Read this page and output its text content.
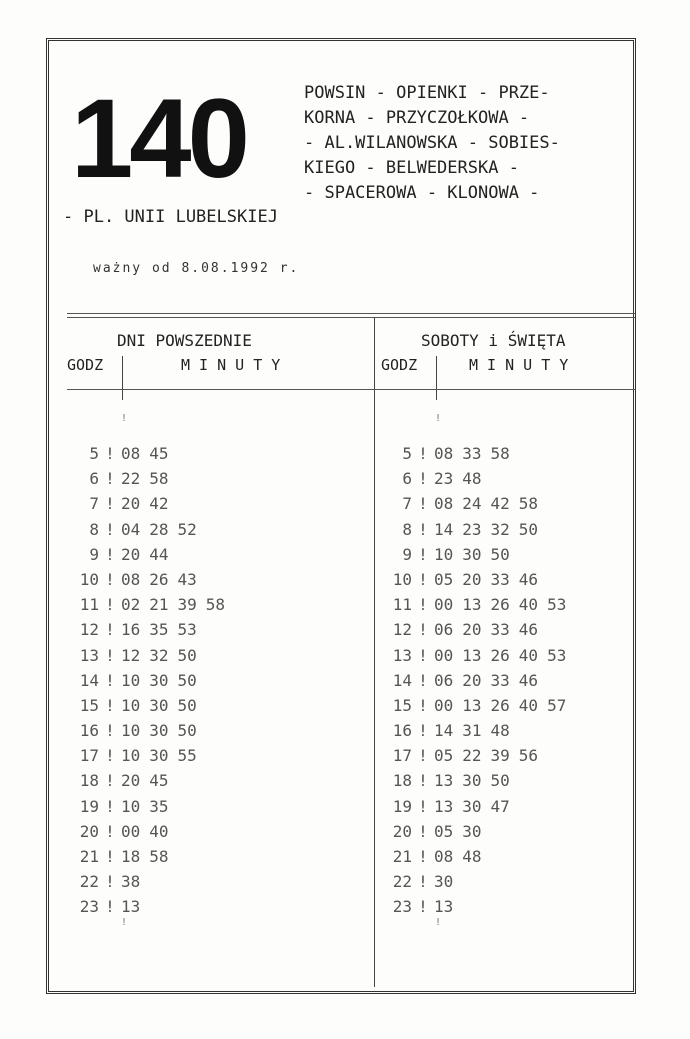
140	POWSIN - OPIENKI - PRZE-
KORNA - PRZYCZOŁKOWA -
- AL.WILANOWSKA - SOBIES-
KIEGO - BELWEDERSKA -
- SPACEROWA - KLONOWA -
- PL. UNII LUBELSKIEJ
ważny od 8.08.1992 r.
DNI POWSZEDNIE
GODZ	M I N U T Y
SOBOTY i ŚWIĘTA
GODZ	M I N U T Y
!	!
!	!
5 ! 08 45
6 ! 22 58
7 ! 20 42
8 ! 04 28 52
9 ! 20 44
10 ! 08 26 43
11 ! 02 21 39 58
12 ! 16 35 53
13 ! 12 32 50
14 ! 10 30 50
15 ! 10 30 50
16 ! 10 30 50
17 ! 10 30 55
18 ! 20 45
19 ! 10 35
20 ! 00 40
21 ! 18 58
22 ! 38
23 ! 13
5 ! 08 33 58
6 ! 23 48
7 ! 08 24 42 58
8 ! 14 23 32 50
9 ! 10 30 50
10 ! 05 20 33 46
11 ! 00 13 26 40 53
12 ! 06 20 33 46
13 ! 00 13 26 40 53
14 ! 06 20 33 46
15 ! 00 13 26 40 57
16 ! 14 31 48
17 ! 05 22 39 56
18 ! 13 30 50
19 ! 13 30 47
20 ! 05 30
21 ! 08 48
22 ! 30
23 ! 13
